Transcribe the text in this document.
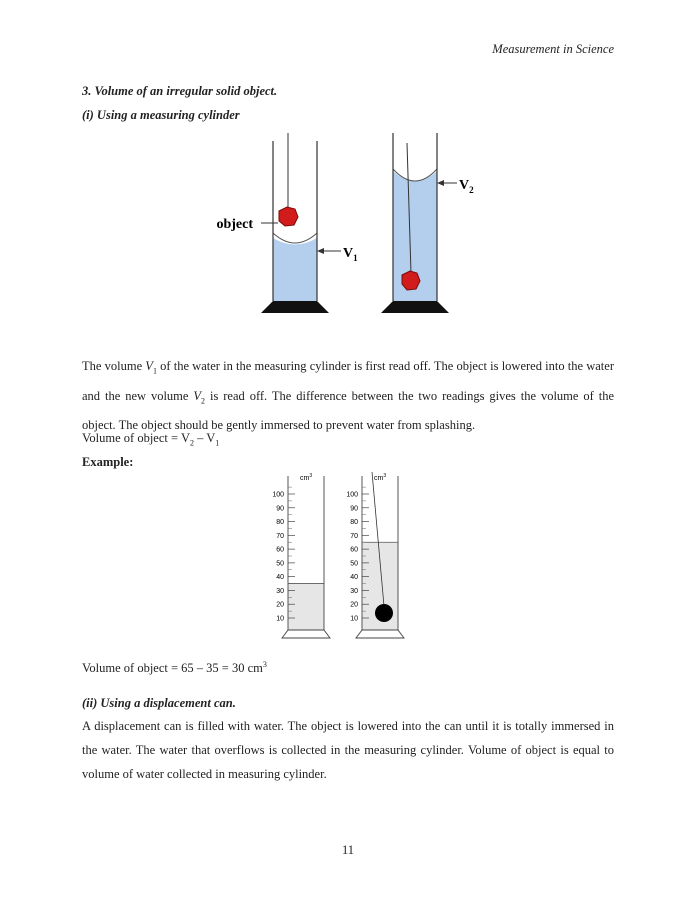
Measurement in Science
3. Volume of an irregular solid object.
(i) Using a measuring cylinder
object
$V_1$
$V_2$
The volume $V_1$ of the water in the measuring cylinder is first read off. The object is lowered into the water and the new volume $V_2$ is read off. The difference between the two readings gives the volume of the object. The object should be gently immersed to prevent water from splashing.
Volume of object = $V_2 - V_1$
Example:
$cm^3$
100
90
80
70
60
50
40
30
20
10
$cm^3$
100
90
80
70
60
50
40
30
20
10
Volume of object = 65 – 35 = 30 $cm^3$
(ii) Using a displacement can.
A displacement can is filled with water. The object is lowered into the can until it is totally immersed in the water. The water that overflows is collected in the measuring cylinder. Volume of object is equal to volume of water collected in measuring cylinder.
11
